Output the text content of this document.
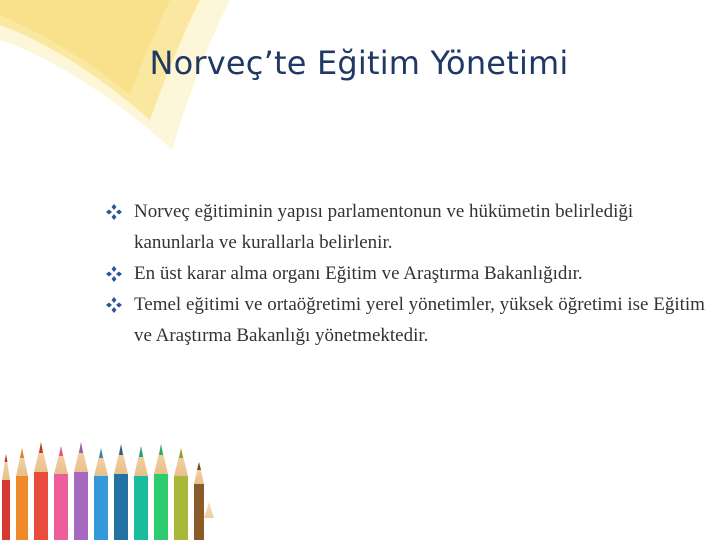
Norveç’te Eğitim Yönetimi

Norveç eğitiminin yapısı parlamentonun ve hükümetin belirlediği kanunlarla ve kurallarla belirlenir.

En üst karar alma organı Eğitim ve Araştırma Bakanlığıdır.

Temel eğitimi ve ortaöğretimi yerel yönetimler, yüksek öğretimi ise Eğitim ve Araştırma Bakanlığı yönetmektedir.
